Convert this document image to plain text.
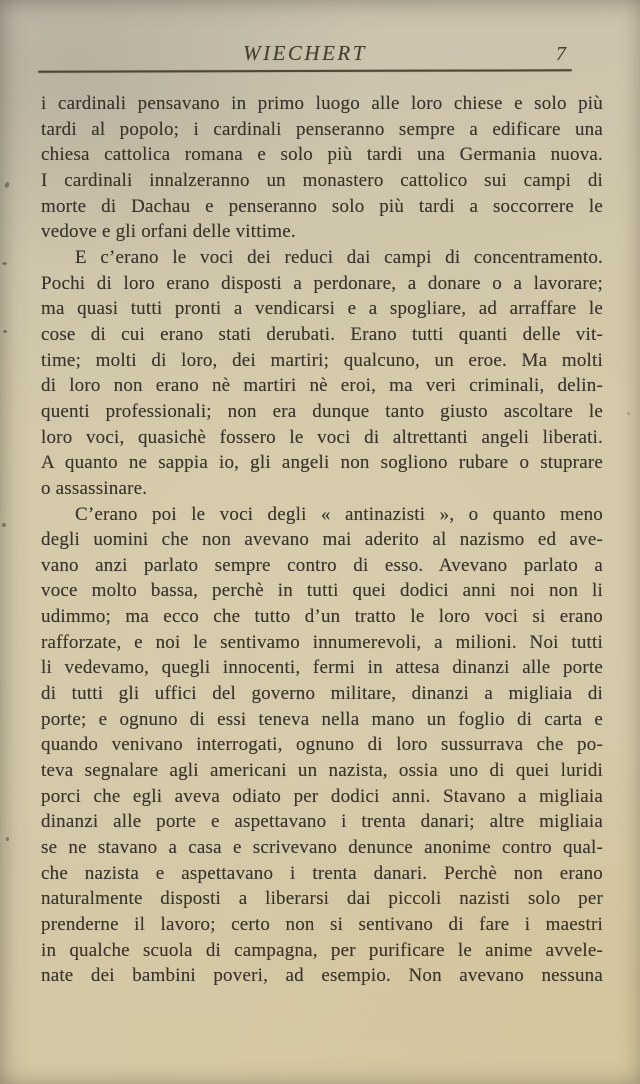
WIECHERT	7
i cardinali pensavano in primo luogo alle loro chiese e solo più
tardi al popolo; i cardinali penseranno sempre a edificare una
chiesa cattolica romana e solo più tardi una Germania nuova.
I cardinali innalzeranno un monastero cattolico sui campi di
morte di Dachau e penseranno solo più tardi a soccorrere le
vedove e gli orfani delle vittime.
E c’erano le voci dei reduci dai campi di concentramento.
Pochi di loro erano disposti a perdonare, a donare o a lavorare;
ma quasi tutti pronti a vendicarsi e a spogliare, ad arraffare le
cose di cui erano stati derubati. Erano tutti quanti delle vit-
time; molti di loro, dei martiri; qualcuno, un eroe. Ma molti
di loro non erano nè martiri nè eroi, ma veri criminali, delin-
quenti professionali; non era dunque tanto giusto ascoltare le
loro voci, quasichè fossero le voci di altrettanti angeli liberati.
A quanto ne sappia io, gli angeli non sogliono rubare o stuprare
o assassinare.
C’erano poi le voci degli « antinazisti », o quanto meno
degli uomini che non avevano mai aderito al nazismo ed ave-
vano anzi parlato sempre contro di esso. Avevano parlato a
voce molto bassa, perchè in tutti quei dodici anni noi non li
udimmo; ma ecco che tutto d’un tratto le loro voci si erano
rafforzate, e noi le sentivamo innumerevoli, a milioni. Noi tutti
li vedevamo, quegli innocenti, fermi in attesa dinanzi alle porte
di tutti gli uffici del governo militare, dinanzi a migliaia di
porte; e ognuno di essi teneva nella mano un foglio di carta e
quando venivano interrogati, ognuno di loro sussurrava che po-
teva segnalare agli americani un nazista, ossia uno di quei luridi
porci che egli aveva odiato per dodici anni. Stavano a migliaia
dinanzi alle porte e aspettavano i trenta danari; altre migliaia
se ne stavano a casa e scrivevano denunce anonime contro qual-
che nazista e aspettavano i trenta danari. Perchè non erano
naturalmente disposti a liberarsi dai piccoli nazisti solo per
prenderne il lavoro; certo non si sentivano di fare i maestri
in qualche scuola di campagna, per purificare le anime avvele-
nate dei bambini poveri, ad esempio. Non avevano nessuna
